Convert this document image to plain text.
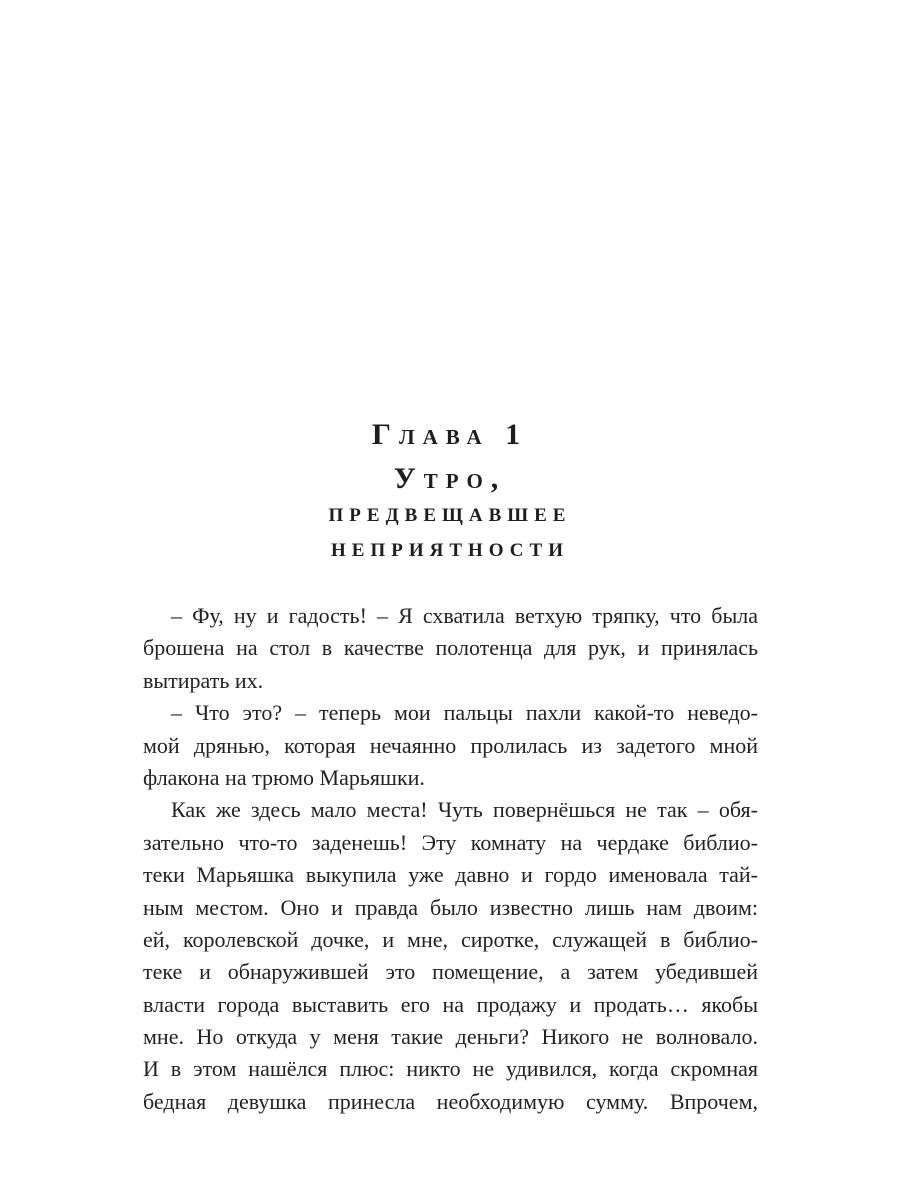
Глава 1
Утро,
ПРЕДВЕЩАВШЕЕ
НЕПРИЯТНОСТИ
– Фу, ну и гадость! – Я схватила ветхую тряпку, что была
брошена на стол в качестве полотенца для рук, и принялась
вытирать их.
– Что это? – теперь мои пальцы пахли какой-то неведо-
мой дрянью, которая нечаянно пролилась из задетого мной
флакона на трюмо Марьяшки.
Как же здесь мало места! Чуть повернёшься не так – обя-
зательно что-то заденешь! Эту комнату на чердаке библио-
теки Марьяшка выкупила уже давно и гордо именовала тай-
ным местом. Оно и правда было известно лишь нам двоим:
ей, королевской дочке, и мне, сиротке, служащей в библио-
теке и обнаружившей это помещение, а затем убедившей
власти города выставить его на продажу и продать… якобы
мне. Но откуда у меня такие деньги? Никого не волновало.
И в этом нашёлся плюс: никто не удивился, когда скромная
бедная девушка принесла необходимую сумму. Впрочем,
